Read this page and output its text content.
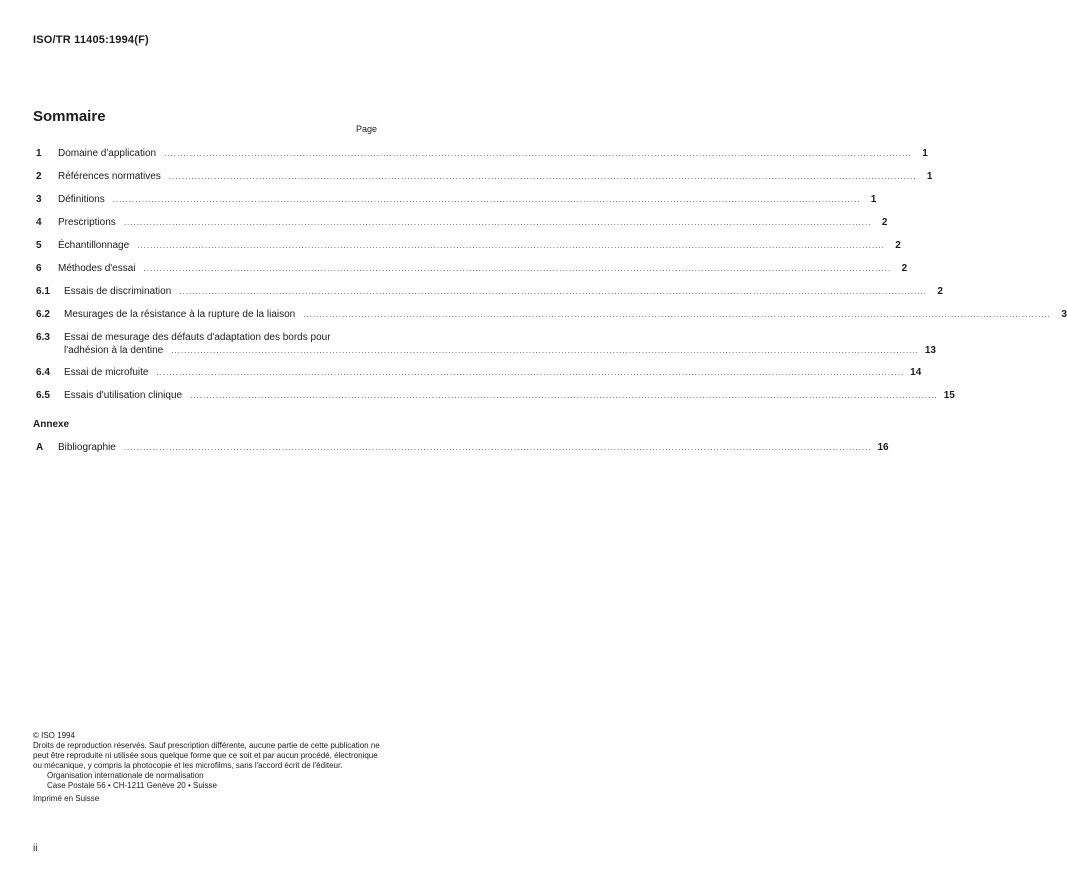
ISO/TR 11405:1994(F)
Sommaire
Page
1	Domaine d'application .....	1
2	Références normatives .....	1
3	Définitions .....	1
4	Prescriptions .....	2
5	Échantillonnage .....	2
6	Méthodes d'essai .....	2
6.1	Essais de discrimination .....	2
6.2	Mesurages de la résistance à la rupture de la liaison .....	3
6.3	Essai de mesurage des défauts d'adaptation des bords pour
l'adhésion à la dentine .....	13
6.4	Essai de microfuite .....	14
6.5	Essais d'utilisation clinique .....	15
A	Bibliographie .....	16
Annexe

© ISO 1994

Droits de reproduction réservés. Sauf prescription différente, aucune partie de cette publication ne peut être reproduite ni utilisée sous quelque forme que ce soit et par aucun procédé, électronique ou mécanique, y compris la photocopie et les microfilms, sans l'accord écrit de l'éditeur.

Organisation internationale de normalisation

Case Postale 56 • CH-1211 Genève 20 • Suisse

Imprimé en Suisse

ii
